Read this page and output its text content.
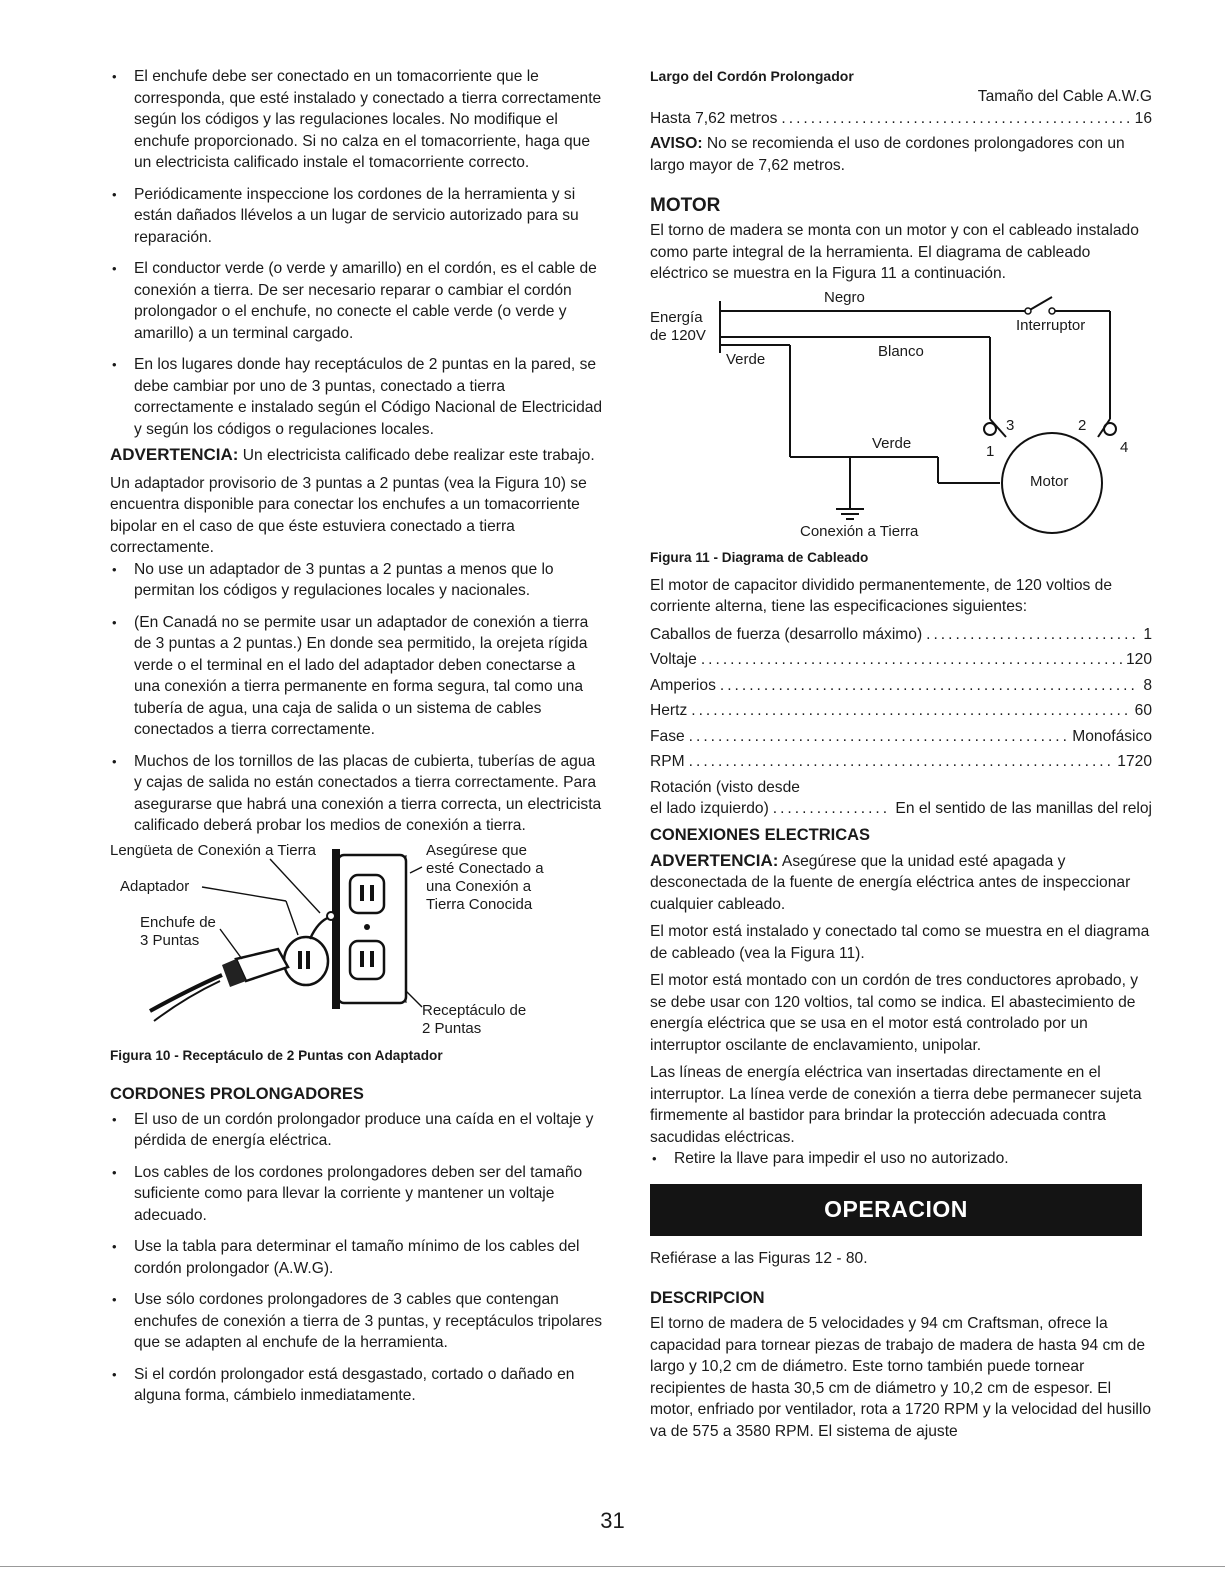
• El enchufe debe ser conectado en un tomacorriente que le corresponda, que esté instalado y conectado a tierra correctamente según los códigos y las regulaciones locales. No modifique el enchufe proporcionado. Si no calza en el tomacorriente, haga que un electricista calificado instale el tomacorriente correcto.
• Periódicamente inspeccione los cordones de la herramienta y si están dañados llévelos a un lugar de servicio autorizado para su reparación.
• El conductor verde (o verde y amarillo) en el cordón, es el cable de conexión a tierra. De ser necesario reparar o cambiar el cordón prolongador o el enchufe, no conecte el cable verde (o verde y amarillo) a un terminal cargado.
• En los lugares donde hay receptáculos de 2 puntas en la pared, se debe cambiar por uno de 3 puntas, conectado a tierra correctamente e instalado según el Código Nacional de Electricidad y según los códigos o regulaciones locales.

ADVERTENCIA: Un electricista calificado debe realizar este trabajo.

Un adaptador provisorio de 3 puntas a 2 puntas (vea la Figura 10) se encuentra disponible para conectar los enchufes a un tomacorriente bipolar en el caso de que éste estuviera conectado a tierra correctamente.

• No use un adaptador de 3 puntas a 2 puntas a menos que lo permitan los códigos y regulaciones locales y nacionales.
• (En Canadá no se permite usar un adaptador de conexión a tierra de 3 puntas a 2 puntas.) En donde sea permitido, la orejeta rígida verde o el terminal en el lado del adaptador deben conectarse a una conexión a tierra permanente en forma segura, tal como una tubería de agua, una caja de salida o un sistema de cables conectados a tierra correctamente.
• Muchos de los tornillos de las placas de cubierta, tuberías de agua y cajas de salida no están conectados a tierra correctamente. Para asegurarse que habrá una conexión a tierra correcta, un electricista calificado deberá probar los medios de conexión a tierra.
Lengüeta de Conexión a Tierra
Adaptador
Enchufe de
3 Puntas
Asegúrese que
esté Conectado a
una Conexión a
Tierra Conocida
Receptáculo de
2 Puntas

Figura 10 - Receptáculo de 2 Puntas con Adaptador

CORDONES PROLONGADORES
• El uso de un cordón prolongador produce una caída en el voltaje y pérdida de energía eléctrica.
• Los cables de los cordones prolongadores deben ser del tamaño suficiente como para llevar la corriente y mantener un voltaje adecuado.
• Use la tabla para determinar el tamaño mínimo de los cables del cordón prolongador (A.W.G).
• Use sólo cordones prolongadores de 3 cables que contengan enchufes de conexión a tierra de 3 puntas, y receptáculos tripolares que se adapten al enchufe de la herramienta.
• Si el cordón prolongador está desgastado, cortado o dañado en alguna forma, cámbielo inmediatamente.
Largo del Cordón Prolongador
Tamaño del Cable A.W.G
Hasta 7,62 metros .....	16

AVISO: No se recomienda el uso de cordones prolongadores con un largo mayor de 7,62 metros.

MOTOR

El torno de madera se monta con un motor y con el cableado instalado como parte integral de la herramienta. El diagrama de cableado eléctrico se muestra en la Figura 11 a continuación.

Energía
de 120V
Negro
Blanco
Verde
Interruptor
Verde
Conexión a Tierra
Motor
1
2
3
4

Figura 11 - Diagrama de Cableado

El motor de capacitor dividido permanentemente, de 120 voltios de corriente alterna, tiene las especificaciones siguientes:

Caballos de fuerza (desarrollo máximo) .....	1
Voltaje .....	120
Amperios .....	8
Hertz .....	60
Fase .....	Monofásico
RPM .....	1720
Rotación (visto desde
el lado izquierdo) .....	En el sentido de las manillas del reloj
CONEXIONES ELECTRICAS

ADVERTENCIA: Asegúrese que la unidad esté apagada y desconectada de la fuente de energía eléctrica antes de inspeccionar cualquier cableado.

El motor está instalado y conectado tal como se muestra en el diagrama de cableado (vea la Figura 11).

El motor está montado con un cordón de tres conductores aprobado, y se debe usar con 120 voltios, tal como se indica. El abastecimiento de energía eléctrica que se usa en el motor está controlado por un interruptor oscilante de enclavamiento, unipolar.

Las líneas de energía eléctrica van insertadas directamente en el interruptor. La línea verde de conexión a tierra debe permanecer sujeta firmemente al bastidor para brindar la protección adecuada contra sacudidas eléctricas.

• Retire la llave para impedir el uso no autorizado.
OPERACION

Refiérase a las Figuras 12 - 80.

DESCRIPCION

El torno de madera de 5 velocidades y 94 cm Craftsman, ofrece la capacidad para tornear piezas de trabajo de madera de hasta 94 cm de largo y 10,2 cm de diámetro. Este torno también puede tornear recipientes de hasta 30,5 cm de diámetro y 10,2 cm de espesor. El motor, enfriado por ventilador, rota a 1720 RPM y la velocidad del husillo va de 575 a 3580 RPM. El sistema de ajuste

31
